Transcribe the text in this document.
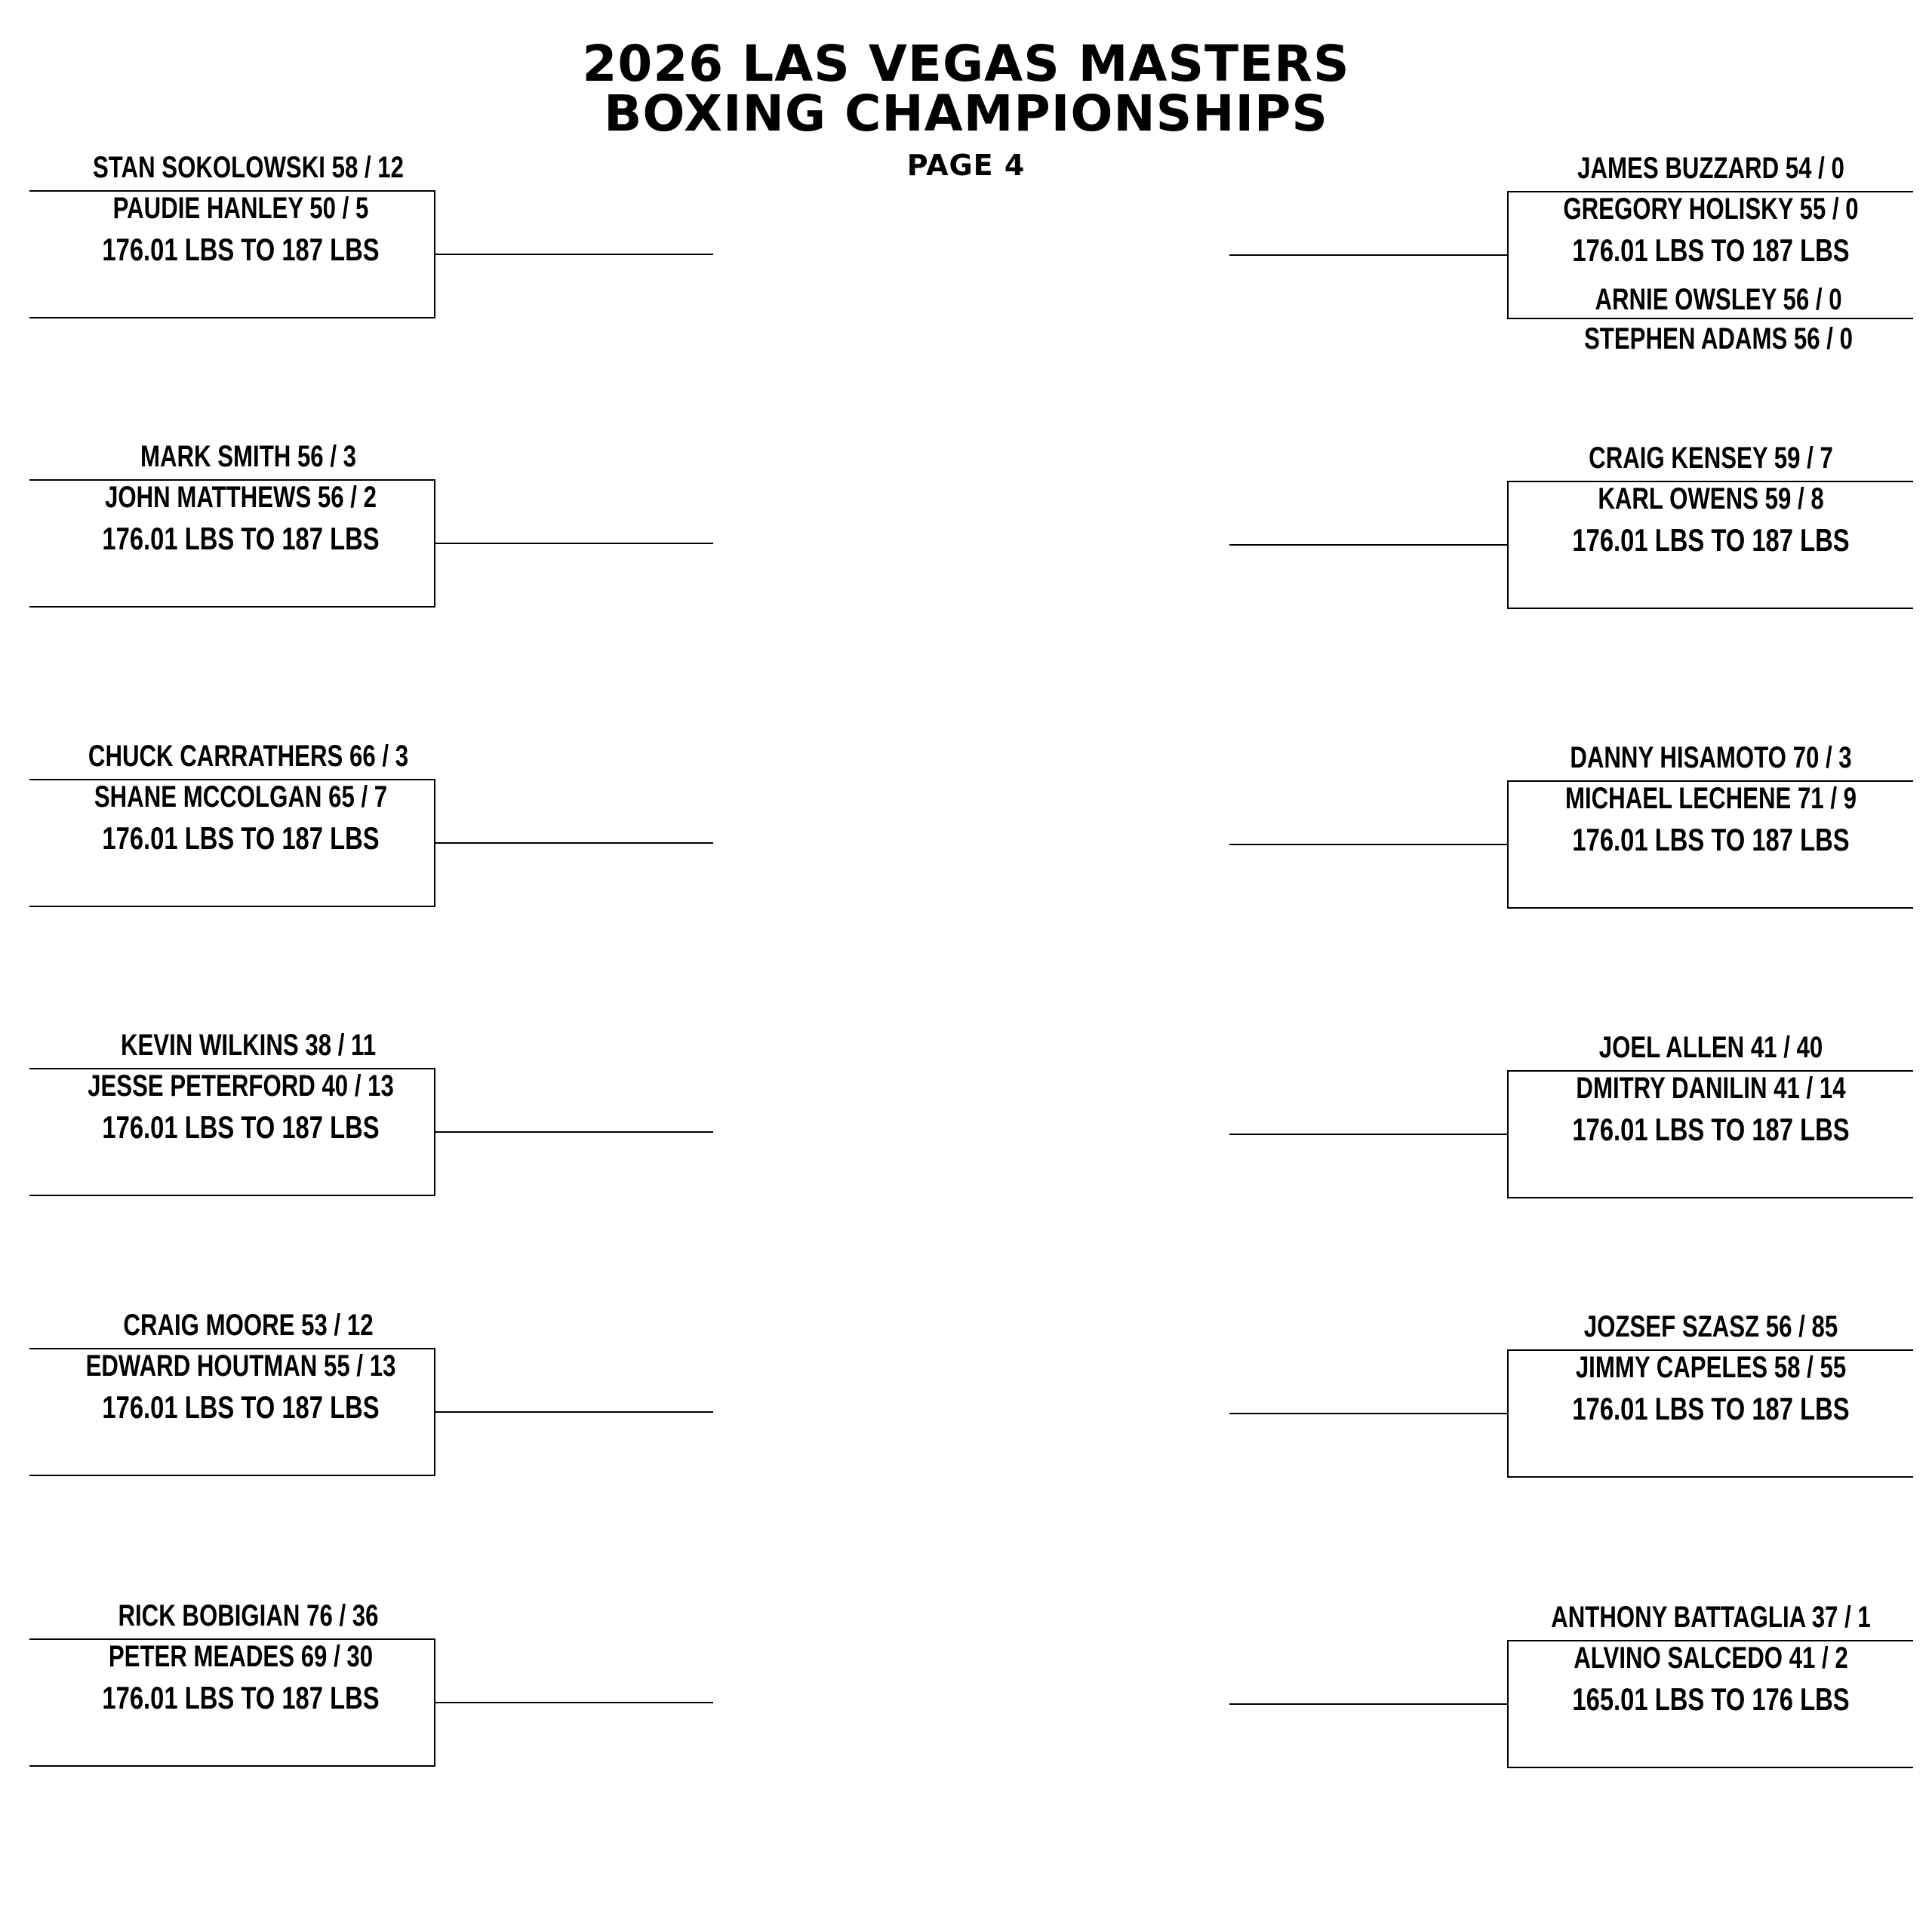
2026 LAS VEGAS MASTERS
BOXING CHAMPIONSHIPS
PAGE 4
STAN SOKOLOWSKI 58 / 12
PAUDIE HANLEY 50 / 5
176.01 LBS TO 187 LBS
MARK SMITH 56 / 3
JOHN MATTHEWS 56 / 2
176.01 LBS TO 187 LBS
CHUCK CARRATHERS 66 / 3
SHANE MCCOLGAN 65 / 7
176.01 LBS TO 187 LBS
KEVIN WILKINS 38 / 11
JESSE PETERFORD 40 / 13
176.01 LBS TO 187 LBS
CRAIG MOORE 53 / 12
EDWARD HOUTMAN 55 / 13
176.01 LBS TO 187 LBS
RICK BOBIGIAN 76 / 36
PETER MEADES 69 / 30
176.01 LBS TO 187 LBS
JAMES BUZZARD 54 / 0
GREGORY HOLISKY 55 / 0
176.01 LBS TO 187 LBS
ARNIE OWSLEY 56 / 0
STEPHEN ADAMS 56 / 0
CRAIG KENSEY 59 / 7
KARL OWENS 59 / 8
176.01 LBS TO 187 LBS
DANNY HISAMOTO 70 / 3
MICHAEL LECHENE 71 / 9
176.01 LBS TO 187 LBS
JOEL ALLEN 41 / 40
DMITRY DANILIN 41 / 14
176.01 LBS TO 187 LBS
JOZSEF SZASZ 56 / 85
JIMMY CAPELES 58 / 55
176.01 LBS TO 187 LBS
ANTHONY BATTAGLIA 37 / 1
ALVINO SALCEDO 41 / 2
165.01 LBS TO 176 LBS
